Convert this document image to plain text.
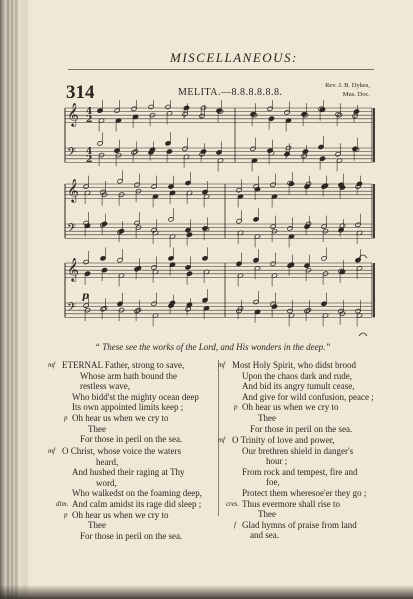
MISCELLANEOUS:
314	MELITA.—8.8.8.8.8.8.
Rev. J. B. Dykes,
Mus. Doc.
𝄞
𝄢
𝄞
𝄢
𝄞
𝄢
4
2
4
2
p
“ These see the works of the Lord, and His wonders in the deep.”
mf ETERNAL Father, strong to save,
Whose arm hath bound the
restless wave,
Who bidd'st the mighty ocean deep
Its own appointed limits keep ;
p Oh hear us when we cry to
Thee
For those in peril on the sea.
mf O Christ, whose voice the waters
heard,
And hushed their raging at Thy
word,
Who walkedst on the foaming deep,
dim. And calm amidst its rage did sleep ;
p Oh hear us when we cry to
Thee
For those in peril on the sea.
mf Most Holy Spirit, who didst brood
Upon the chaos dark and rude,
And bid its angry tumult cease,
And give for wild confusion, peace ;
p Oh hear us when we cry to
Thee
For those in peril on the sea.
mf O Trinity of love and power,
Our brethren shield in danger's
hour ;
From rock and tempest, fire and
foe,
Protect them wheresoe'er they go ;
cres. Thus evermore shall rise to
Thee
f Glad hymns of praise from land
and sea.
